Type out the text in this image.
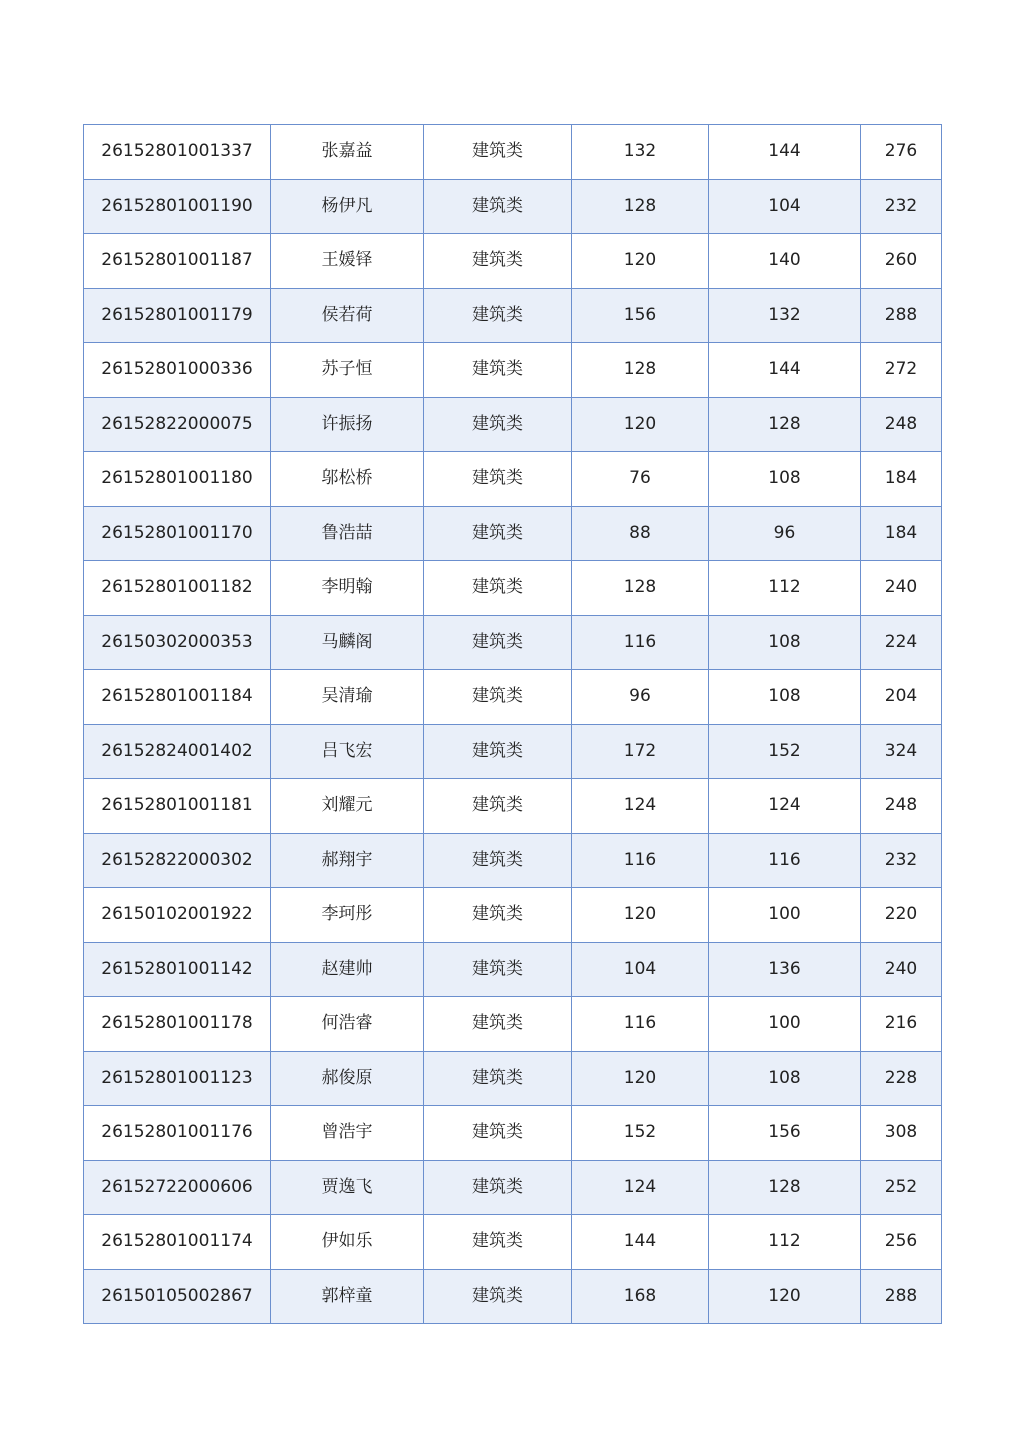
26152801001337	张嘉益	建筑类	132	144	276
26152801001190	杨伊凡	建筑类	128	104	232
26152801001187	王媛铎	建筑类	120	140	260
26152801001179	侯若荷	建筑类	156	132	288
26152801000336	苏子恒	建筑类	128	144	272
26152822000075	许振扬	建筑类	120	128	248
26152801001180	邬松桥	建筑类	76	108	184
26152801001170	鲁浩喆	建筑类	88	96	184
26152801001182	李明翰	建筑类	128	112	240
26150302000353	马麟阁	建筑类	116	108	224
26152801001184	吴清瑜	建筑类	96	108	204
26152824001402	吕飞宏	建筑类	172	152	324
26152801001181	刘耀元	建筑类	124	124	248
26152822000302	郝翔宇	建筑类	116	116	232
26150102001922	李珂彤	建筑类	120	100	220
26152801001142	赵建帅	建筑类	104	136	240
26152801001178	何浩睿	建筑类	116	100	216
26152801001123	郝俊原	建筑类	120	108	228
26152801001176	曾浩宇	建筑类	152	156	308
26152722000606	贾逸飞	建筑类	124	128	252
26152801001174	伊如乐	建筑类	144	112	256
26150105002867	郭梓童	建筑类	168	120	288
